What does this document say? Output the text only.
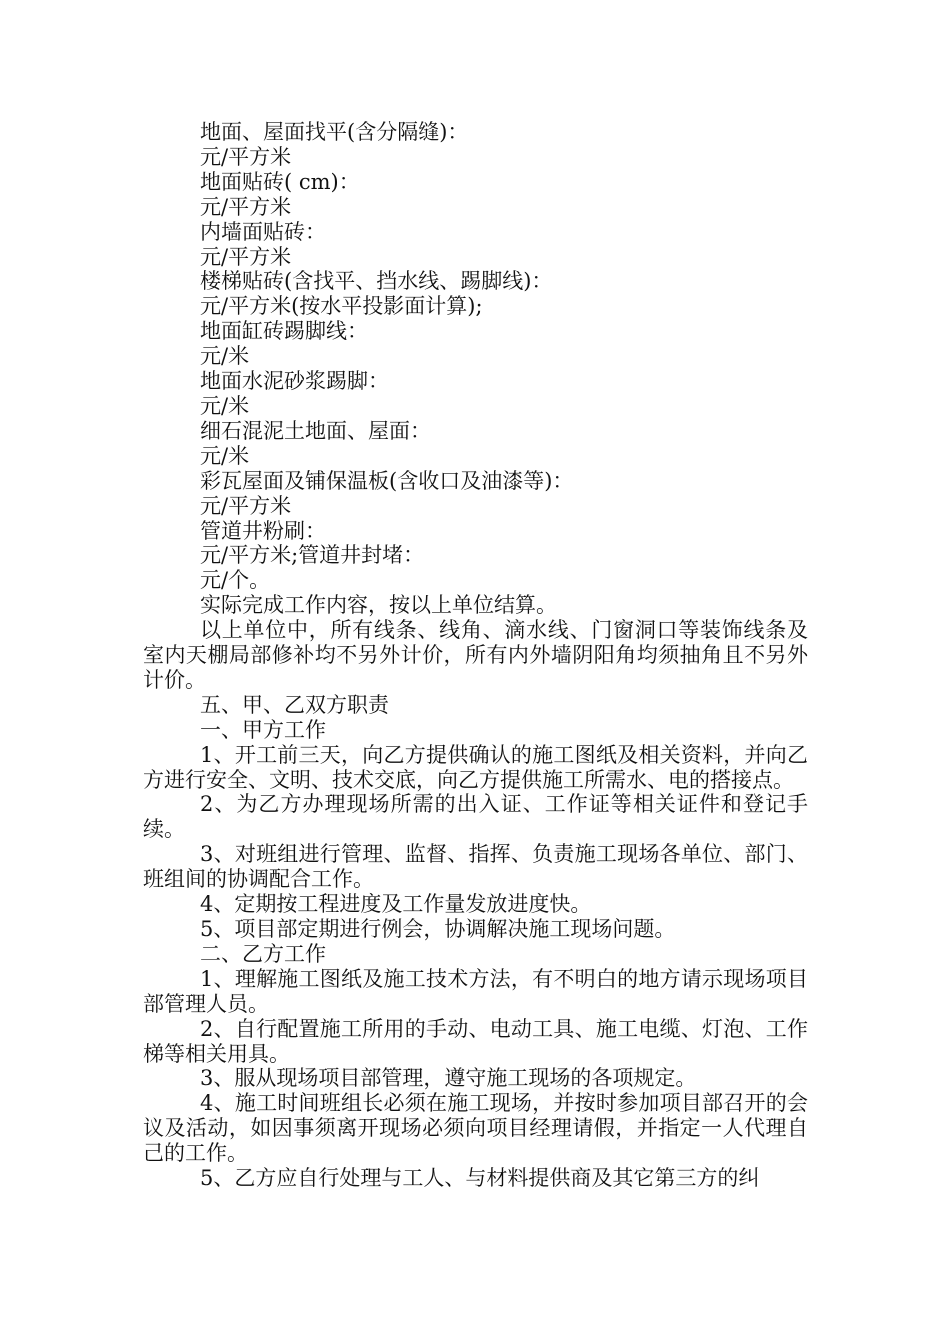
地面、屋面找平(含分隔缝)：

元/平方米

地面贴砖( cm)：

元/平方米

内墙面贴砖：

元/平方米

楼梯贴砖(含找平、挡水线、踢脚线)：

元/平方米(按水平投影面计算);

地面缸砖踢脚线：

元/米

地面水泥砂浆踢脚：

元/米

细石混泥土地面、屋面：

元/米

彩瓦屋面及铺保温板(含收口及油漆等)：

元/平方米

管道井粉刷：

元/平方米;管道井封堵：

元/个。

实际完成工作内容，按以上单位结算。

以上单位中，所有线条、线角、滴水线、门窗洞口等装饰线条及室内天棚局部修补均不另外计价，所有内外墙阴阳角均须抽角且不另外计价。

五、甲、乙双方职责

一、甲方工作

1、开工前三天，向乙方提供确认的施工图纸及相关资料，并向乙方进行安全、文明、技术交底，向乙方提供施工所需水、电的搭接点。

2、为乙方办理现场所需的出入证、工作证等相关证件和登记手续。

3、对班组进行管理、监督、指挥、负责施工现场各单位、部门、班组间的协调配合工作。

4、定期按工程进度及工作量发放进度快。

5、项目部定期进行例会，协调解决施工现场问题。

二、乙方工作

1、理解施工图纸及施工技术方法，有不明白的地方请示现场项目部管理人员。

2、自行配置施工所用的手动、电动工具、施工电缆、灯泡、工作梯等相关用具。

3、服从现场项目部管理，遵守施工现场的各项规定。

4、施工时间班组长必须在施工现场，并按时参加项目部召开的会议及活动，如因事须离开现场必须向项目经理请假，并指定一人代理自己的工作。

5、乙方应自行处理与工人、与材料提供商及其它第三方的纠
